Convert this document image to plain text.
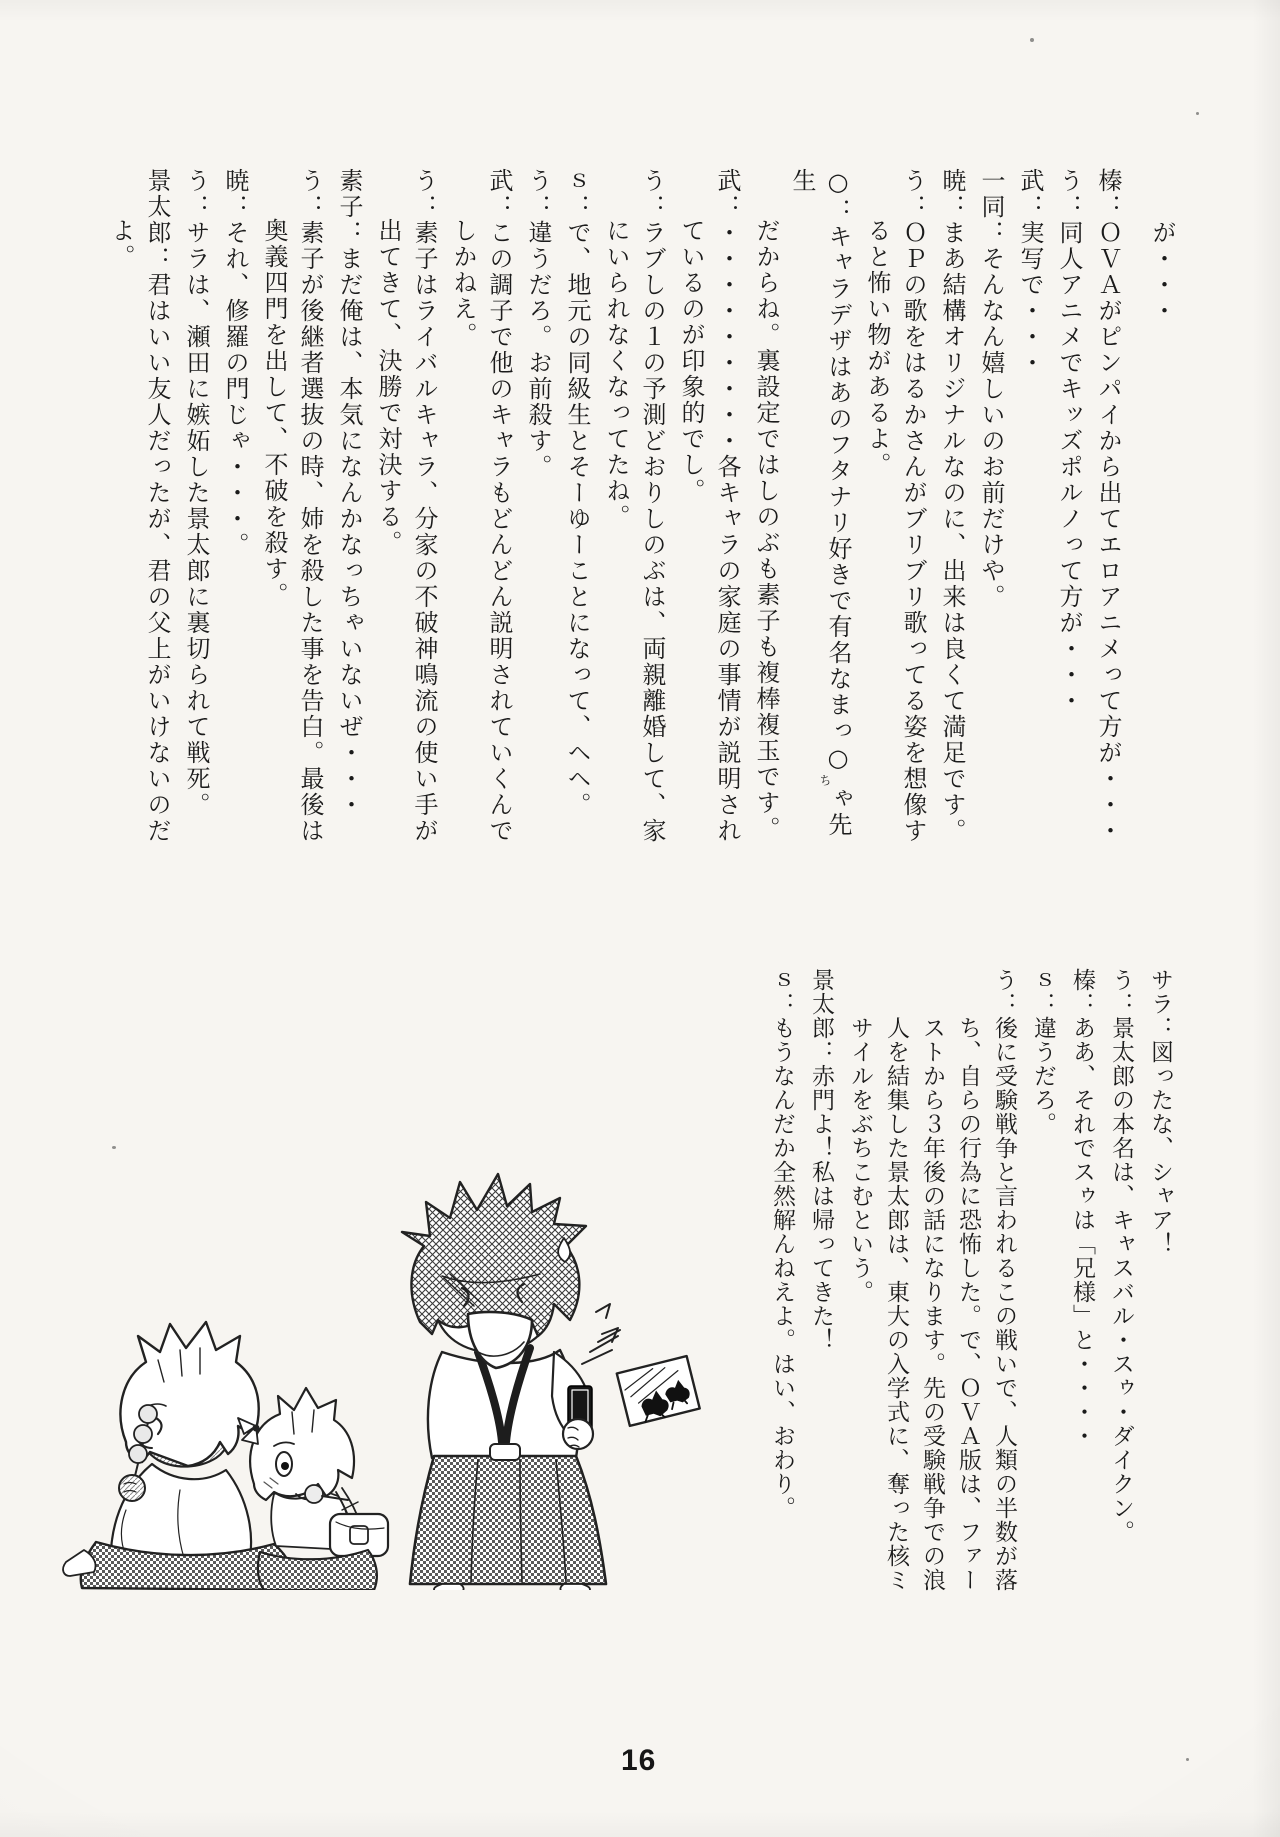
が・・・

榛：ＯＶＡがピンパイから出てエロアニメって方が・・・

う：同人アニメでキッズポルノって方が・・・

武：実写で・・・

一同：そんなん嬉しいのお前だけや。

暁：まあ結構オリジナルなのに、出来は良くて満足です。

う：ＯＰの歌をはるかさんがブリブリ歌ってる姿を想像す
ると怖い物があるよ。

○：キャラデザはあのフタナリ好きで有名なまっ○ちゃ先生
だからね。裏設定ではしのぶも素子も複棒複玉です。

武：・・・・・・・・・各キャラの家庭の事情が説明され
ているのが印象的でし。

う：ラブしの１の予測どおりしのぶは、両親離婚して、家
にいられなくなってたね。

ｓ：で、地元の同級生とそーゆーことになって、ヘヘ。

う：違うだろ。お前殺す。

武：この調子で他のキャラもどんどん説明されていくんで
しかねえ。

う：素子はライバルキャラ、分家の不破神鳴流の使い手が
出てきて、決勝で対決する。

素子：まだ俺は、本気になんかなっちゃいないぜ・・・

う：素子が後継者選抜の時、姉を殺した事を告白。最後は
奥義四門を出して、不破を殺す。

暁：それ、修羅の門じゃ・・・。

う：サラは、瀬田に嫉妬した景太郎に裏切られて戦死。

景太郎：君はいい友人だったが、君の父上がいけないのだ
よ。

サラ：図ったな、シャア！

う：景太郎の本名は、キャスバル・スゥ・ダイクン。

榛：ああ、それでスゥは「兄様」と・・・・

ｓ：違うだろ。

う：後に受験戦争と言われるこの戦いで、人類の半数が落
ち、自らの行為に恐怖した。で、ＯＶＡ版は、ファー
ストから３年後の話になります。先の受験戦争での浪
人を結集した景太郎は、東大の入学式に、奪った核ミ
サイルをぶちこむという。

景太郎：赤門よ！私は帰ってきた！

ｓ：もうなんだか全然解んねえよ。はい、おわり。

16
